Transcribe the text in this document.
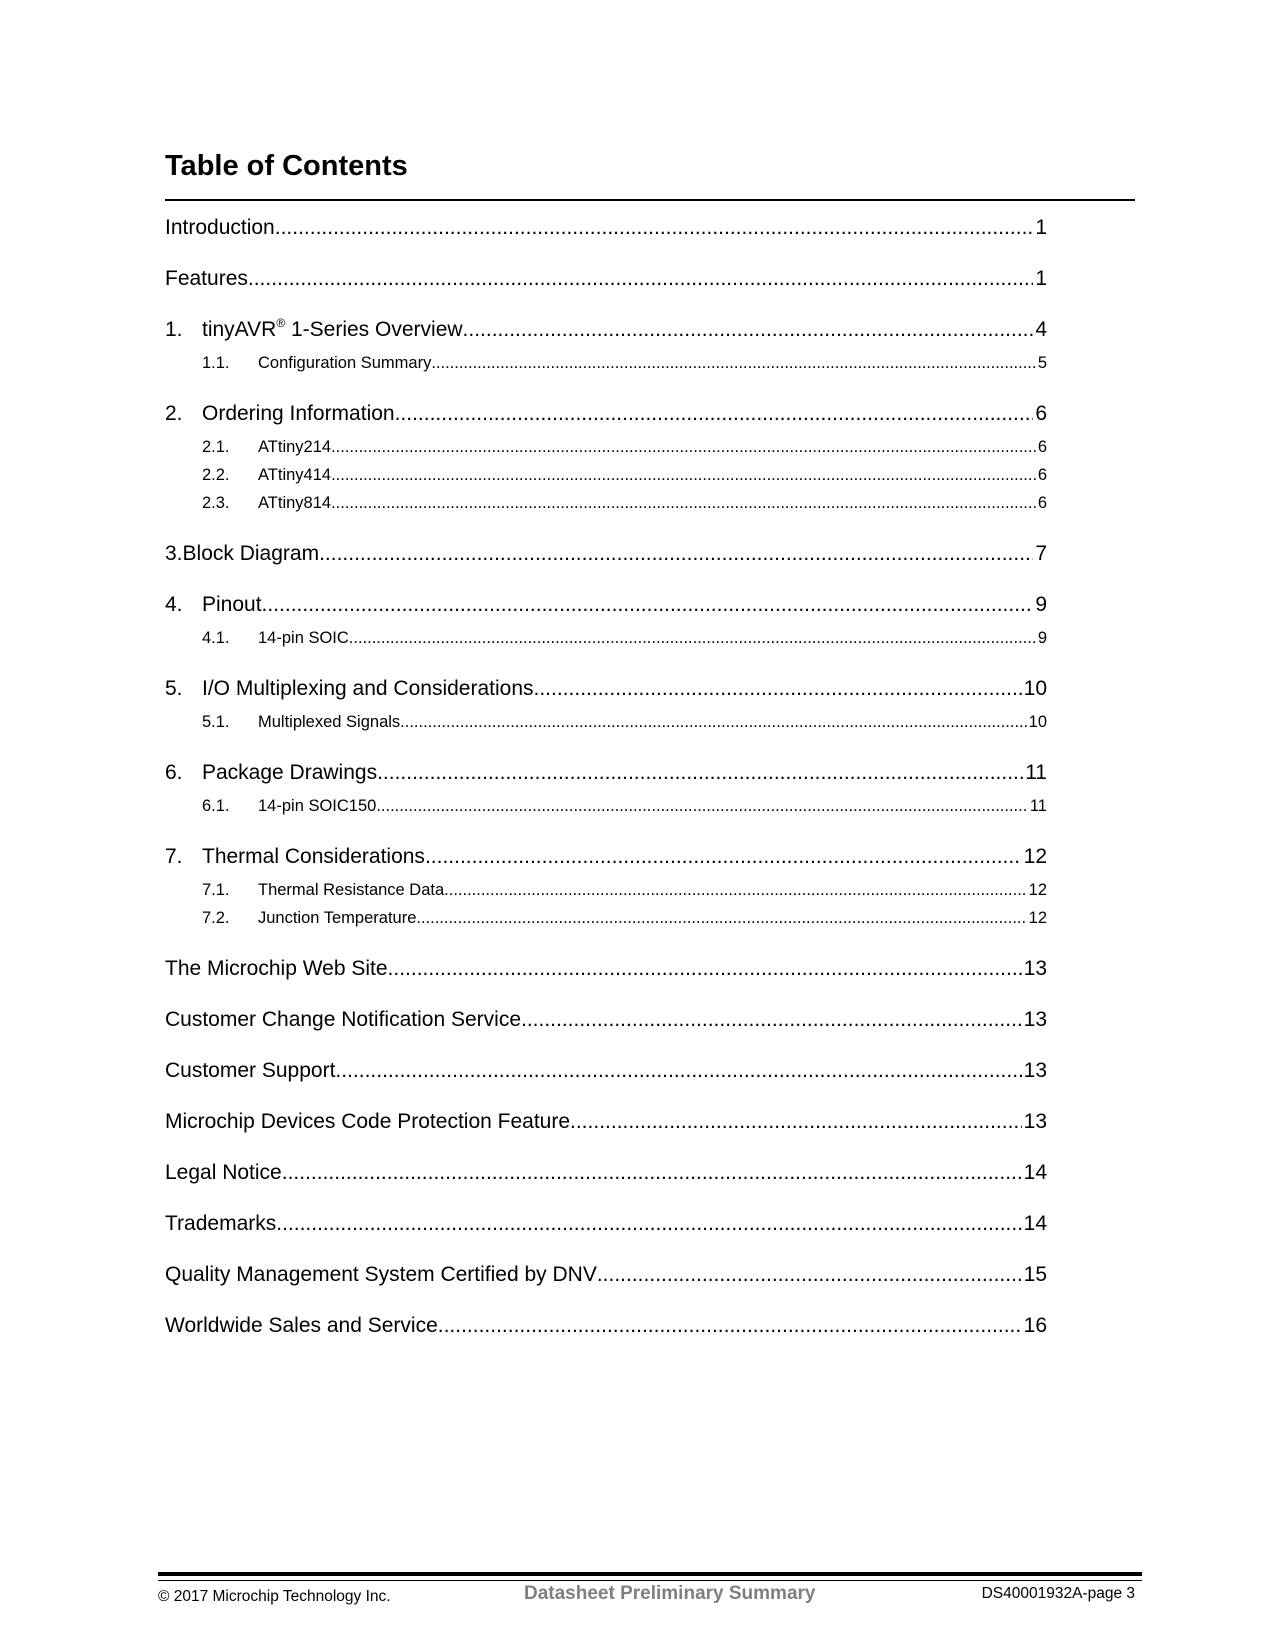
Table of Contents
Introduction .....	1
Features .....	1
1. tinyAVR® 1-Series Overview .....	4
1.1.	Configuration Summary .....	5
2. Ordering Information .....	6
2.1.	ATtiny214 .....	6
2.2.	ATtiny414 .....	6
2.3.	ATtiny814 .....	6
3. Block Diagram .....	7
4. Pinout .....	9
4.1.	14-pin SOIC .....	9
5. I/O Multiplexing and Considerations .....	10
5.1.	Multiplexed Signals .....	10
6. Package Drawings .....	11
6.1.	14-pin SOIC150 .....	11
7. Thermal Considerations .....	12
7.1.	Thermal Resistance Data .....	12
7.2.	Junction Temperature .....	12
The Microchip Web Site .....	13
Customer Change Notification Service .....	13
Customer Support .....	13
Microchip Devices Code Protection Feature .....	13
Legal Notice .....	14
Trademarks .....	14
Quality Management System Certified by DNV .....	15
Worldwide Sales and Service .....	16
© 2017 Microchip Technology Inc.	Datasheet Preliminary Summary	DS40001932A-page 3
